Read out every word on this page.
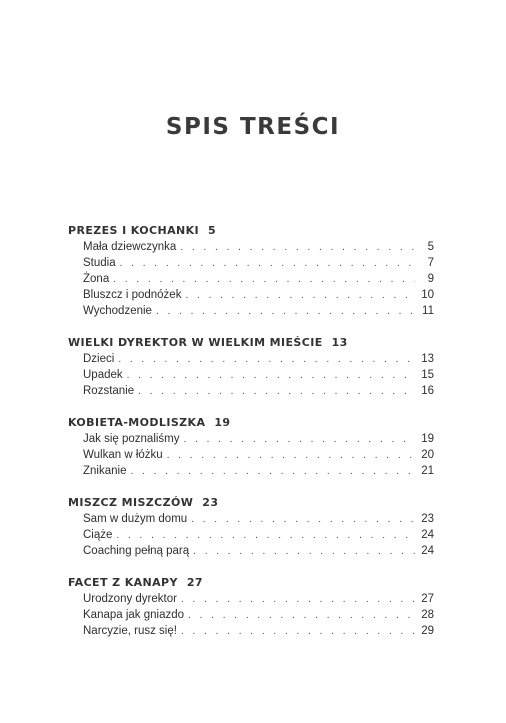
SPIS TREŚCI
PREZES I KOCHANKI 5
Mała dziewczynka . . .	5
Studia . . .	7
Żona . . .	9
Bluszcz i podnóżek . . .	10
Wychodzenie . . .	11
WIELKI DYREKTOR W WIELKIM MIEŚCIE 13
Dzieci . . .	13
Upadek . . .	15
Rozstanie . . .	16
KOBIETA-MODLISZKA 19
Jak się poznaliśmy . . .	19
Wulkan w łóżku . . .	20
Znikanie . . .	21
MISZCZ MISZCZÓW 23
Sam w dużym domu . . .	23
Ciąże . . .	24
Coaching pełną parą . . .	24
FACET Z KANAPY 27
Urodzony dyrektor . . .	27
Kanapa jak gniazdo . . .	28
Narcyzie, rusz się! . . .	29
